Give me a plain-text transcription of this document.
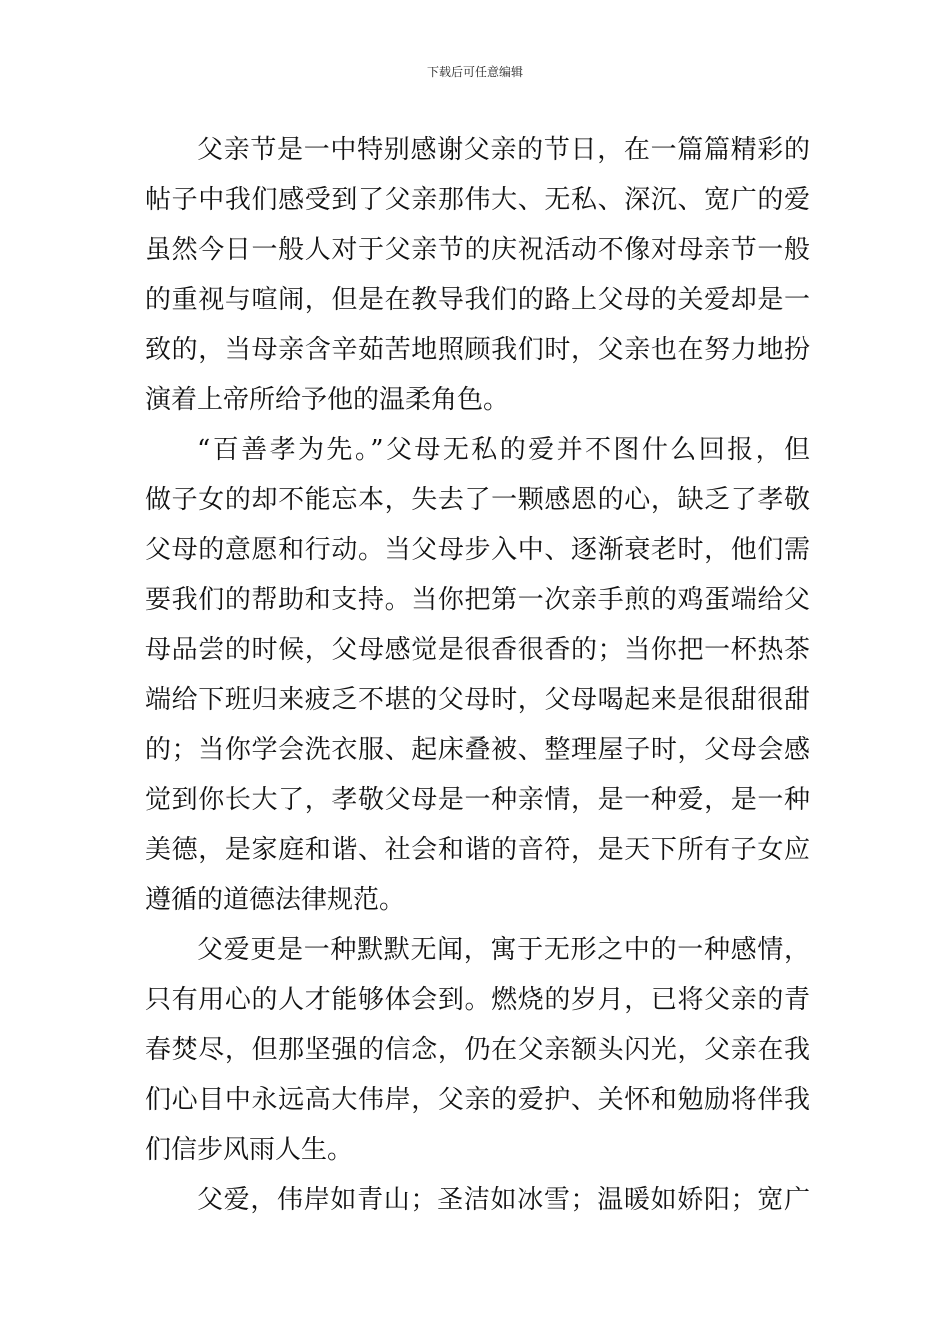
下载后可任意编辑
父亲节是一中特别感谢父亲的节日，在一篇篇精彩的
帖子中我们感受到了父亲那伟大、无私、深沉、宽广的爱
虽然今日一般人对于父亲节的庆祝活动不像对母亲节一般
的重视与喧闹，但是在教导我们的路上父母的关爱却是一
致的，当母亲含辛茹苦地照顾我们时，父亲也在努力地扮
演着上帝所给予他的温柔角色。
“百善孝为先。”父母无私的爱并不图什么回报，但
做子女的却不能忘本，失去了一颗感恩的心，缺乏了孝敬
父母的意愿和行动。当父母步入中、逐渐衰老时，他们需
要我们的帮助和支持。当你把第一次亲手煎的鸡蛋端给父
母品尝的时候，父母感觉是很香很香的；当你把一杯热茶
端给下班归来疲乏不堪的父母时，父母喝起来是很甜很甜
的；当你学会洗衣服、起床叠被、整理屋子时，父母会感
觉到你长大了，孝敬父母是一种亲情，是一种爱，是一种
美德，是家庭和谐、社会和谐的音符，是天下所有子女应
遵循的道德法律规范。
父爱更是一种默默无闻，寓于无形之中的一种感情，
只有用心的人才能够体会到。燃烧的岁月，已将父亲的青
春焚尽，但那坚强的信念，仍在父亲额头闪光，父亲在我
们心目中永远高大伟岸，父亲的爱护、关怀和勉励将伴我
们信步风雨人生。
父爱，伟岸如青山；圣洁如冰雪；温暖如娇阳；宽广
